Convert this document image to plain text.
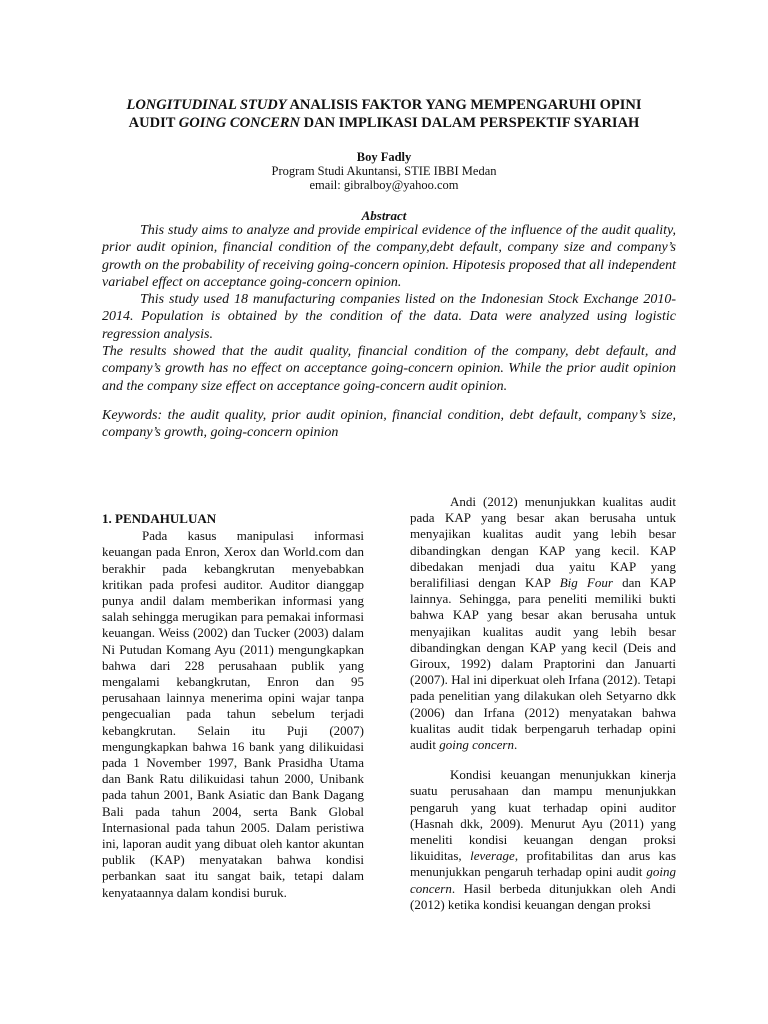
LONGITUDINAL STUDY ANALISIS FAKTOR YANG MEMPENGARUHI OPINI
AUDIT GOING CONCERN DAN IMPLIKASI DALAM PERSPEKTIF SYARIAH
Boy Fadly
Program Studi Akuntansi, STIE IBBI Medan
email: gibralboy@yahoo.com
Abstract

This study aims to analyze and provide empirical evidence of the influence of the audit quality, prior audit opinion, financial condition of the company,debt default, company size and company’s growth on the probability of receiving going-concern opinion. Hipotesis proposed that all independent variabel effect on acceptance going-concern opinion.

This study used 18 manufacturing companies listed on the Indonesian Stock Exchange 2010-2014. Population is obtained by the condition of the data. Data were analyzed using logistic regression analysis.

The results showed that the audit quality, financial condition of the company, debt default, and company’s growth has no effect on acceptance going-concern opinion. While the prior audit opinion and the company size effect on acceptance going-concern audit opinion.

Keywords: the audit quality, prior audit opinion, financial condition, debt default, company’s size, company’s growth, going-concern opinion

1. PENDAHULUAN

Pada kasus manipulasi informasi keuangan pada Enron, Xerox dan World.com dan berakhir pada kebangkrutan menyebabkan kritikan pada profesi auditor. Auditor dianggap punya andil dalam memberikan informasi yang salah sehingga merugikan para pemakai informasi keuangan. Weiss (2002) dan Tucker (2003) dalam Ni Putudan Komang Ayu (2011) mengungkapkan bahwa dari 228 perusahaan publik yang mengalami kebangkrutan, Enron dan 95 perusahaan lainnya menerima opini wajar tanpa pengecualian pada tahun sebelum terjadi kebangkrutan. Selain itu Puji (2007) mengungkapkan bahwa 16 bank yang dilikuidasi pada 1 November 1997, Bank Prasidha Utama dan Bank Ratu dilikuidasi tahun 2000, Unibank pada tahun 2001, Bank Asiatic dan Bank Dagang Bali pada tahun 2004, serta Bank Global Internasional pada tahun 2005. Dalam peristiwa ini, laporan audit yang dibuat oleh kantor akuntan publik (KAP) menyatakan bahwa kondisi perbankan saat itu sangat baik, tetapi dalam kenyataannya dalam kondisi buruk.

Andi (2012) menunjukkan kualitas audit pada KAP yang besar akan berusaha untuk menyajikan kualitas audit yang lebih besar dibandingkan dengan KAP yang kecil. KAP dibedakan menjadi dua yaitu KAP yang beralifiliasi dengan KAP Big Four dan KAP lainnya. Sehingga, para peneliti memiliki bukti bahwa KAP yang besar akan berusaha untuk menyajikan kualitas audit yang lebih besar dibandingkan dengan KAP yang kecil (Deis and Giroux, 1992) dalam Praptorini dan Januarti (2007). Hal ini diperkuat oleh Irfana (2012). Tetapi pada penelitian yang dilakukan oleh Setyarno dkk (2006) dan Irfana (2012) menyatakan bahwa kualitas audit tidak berpengaruh terhadap opini audit going concern.

Kondisi keuangan menunjukkan kinerja suatu perusahaan dan mampu menunjukkan pengaruh yang kuat terhadap opini auditor (Hasnah dkk, 2009). Menurut Ayu (2011) yang meneliti kondisi keuangan dengan proksi likuiditas, leverage, profitabilitas dan arus kas menunjukkan pengaruh terhadap opini audit going concern. Hasil berbeda ditunjukkan oleh Andi (2012) ketika kondisi keuangan dengan proksi
